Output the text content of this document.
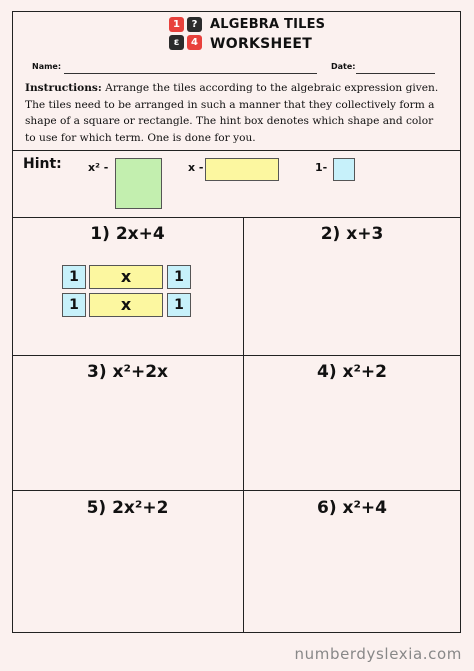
1	?
ε	4
ALGEBRA TILES
WORKSHEET
Name:	Date:
Instructions: Arrange the tiles according to the algebraic expression given. The tiles need to be arranged in such a manner that they collectively form a shape of a square or rectangle. The hint box denotes which shape and color to use for which term. One is done for you.
Hint: x² -	x -	1-
1) 2x+4	2) x+3
3) x²+2x	4) x²+2
5) 2x²+2	6) x²+4
1	x	1
1	x	1
numberdyslexia.com
